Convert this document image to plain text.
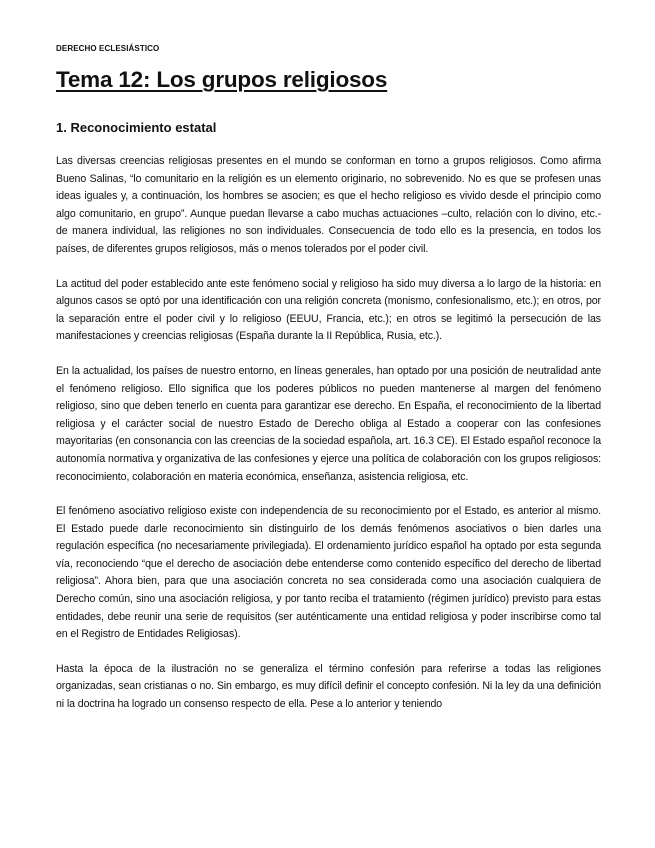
DERECHO ECLESIÁSTICO
Tema 12: Los grupos religiosos
1. Reconocimiento estatal

Las diversas creencias religiosas presentes en el mundo se conforman en torno a grupos religiosos. Como afirma Bueno Salinas, “lo comunitario en la religión es un elemento originario, no sobrevenido. No es que se profesen unas ideas iguales y, a continuación, los hombres se asocien; es que el hecho religioso es vivido desde el principio como algo comunitario, en grupo”. Aunque puedan llevarse a cabo muchas actuaciones –culto, relación con lo divino, etc.- de manera individual, las religiones no son individuales. Consecuencia de todo ello es la presencia, en todos los países, de diferentes grupos religiosos, más o menos tolerados por el poder civil.

La actitud del poder establecido ante este fenómeno social y religioso ha sido muy diversa a lo largo de la historia: en algunos casos se optó por una identificación con una religión concreta (monismo, confesionalismo, etc.); en otros, por la separación entre el poder civil y lo religioso (EEUU, Francia, etc.); en otros se legitimó la persecución de las manifestaciones y creencias religiosas (España durante la II República, Rusia, etc.).

En la actualidad, los países de nuestro entorno, en líneas generales, han optado por una posición de neutralidad ante el fenómeno religioso. Ello significa que los poderes públicos no pueden mantenerse al margen del fenómeno religioso, sino que deben tenerlo en cuenta para garantizar ese derecho. En España, el reconocimiento de la libertad religiosa y el carácter social de nuestro Estado de Derecho obliga al Estado a cooperar con las confesiones mayoritarias (en consonancia con las creencias de la sociedad española, art. 16.3 CE). El Estado español reconoce la autonomía normativa y organizativa de las confesiones y ejerce una política de colaboración con los grupos religiosos: reconocimiento, colaboración en materia económica, enseñanza, asistencia religiosa, etc.

El fenómeno asociativo religioso existe con independencia de su reconocimiento por el Estado, es anterior al mismo. El Estado puede darle reconocimiento sin distinguirlo de los demás fenómenos asociativos o bien darles una regulación específica (no necesariamente privilegiada). El ordenamiento jurídico español ha optado por esta segunda vía, reconociendo “que el derecho de asociación debe entenderse como contenido específico del derecho de libertad religiosa”. Ahora bien, para que una asociación concreta no sea considerada como una asociación cualquiera de Derecho común, sino una asociación religiosa, y por tanto reciba el tratamiento (régimen jurídico) previsto para estas entidades, debe reunir una serie de requisitos (ser auténticamente una entidad religiosa y poder inscribirse como tal en el Registro de Entidades Religiosas).

Hasta la época de la ilustración no se generaliza el término confesión para referirse a todas las religiones organizadas, sean cristianas o no. Sin embargo, es muy difícil definir el concepto confesión. Ni la ley da una definición ni la doctrina ha logrado un consenso respecto de ella. Pese a lo anterior y teniendo
